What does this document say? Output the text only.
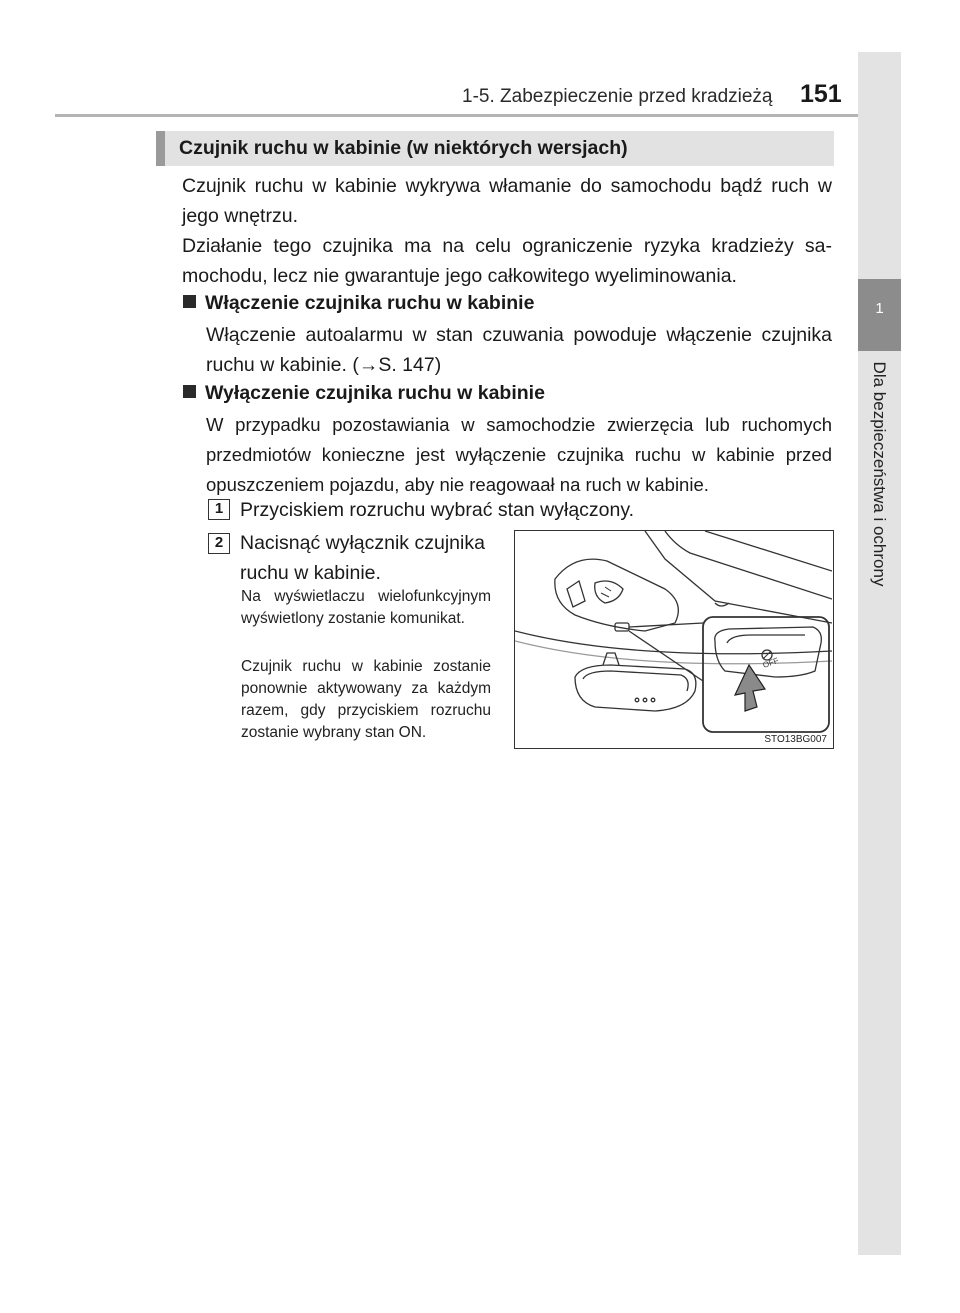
1-5. Zabezpieczenie przed kradzieżą 151
1
Dla bezpieczeństwa i ochrony
Czujnik ruchu w kabinie (w niektórych wersjach)

Czujnik ruchu w kabinie wykrywa włamanie do samochodu bądź ruch w jego wnętrzu.

Działanie tego czujnika ma na celu ograniczenie ryzyka kradzieży samochodu, lecz nie gwarantuje jego całkowitego wyeliminowania.

Włączenie czujnika ruchu w kabinie

Włączenie autoalarmu w stan czuwania powoduje włączenie czujnika ruchu w kabinie. (→S. 147)

Wyłączenie czujnika ruchu w kabinie

W przypadku pozostawiania w samochodzie zwierzęcia lub ruchomych przedmiotów konieczne jest wyłączenie czujnika ruchu w kabinie przed opuszczeniem pojazdu, aby nie reagowaał na ruch w kabinie.

1 Przyciskiem rozruchu wybrać stan wyłączony.

2 Nacisnąć wyłącznik czujnika ruchu w kabinie.

Na wyświetlaczu wielofunkcyjnym wyświetlony zostanie komunikat.

Czujnik ruchu w kabinie zostanie ponownie aktywowany za każdym razem, gdy przyciskiem rozruchu zostanie wybrany stan ON.

OFF
STO13BG007
